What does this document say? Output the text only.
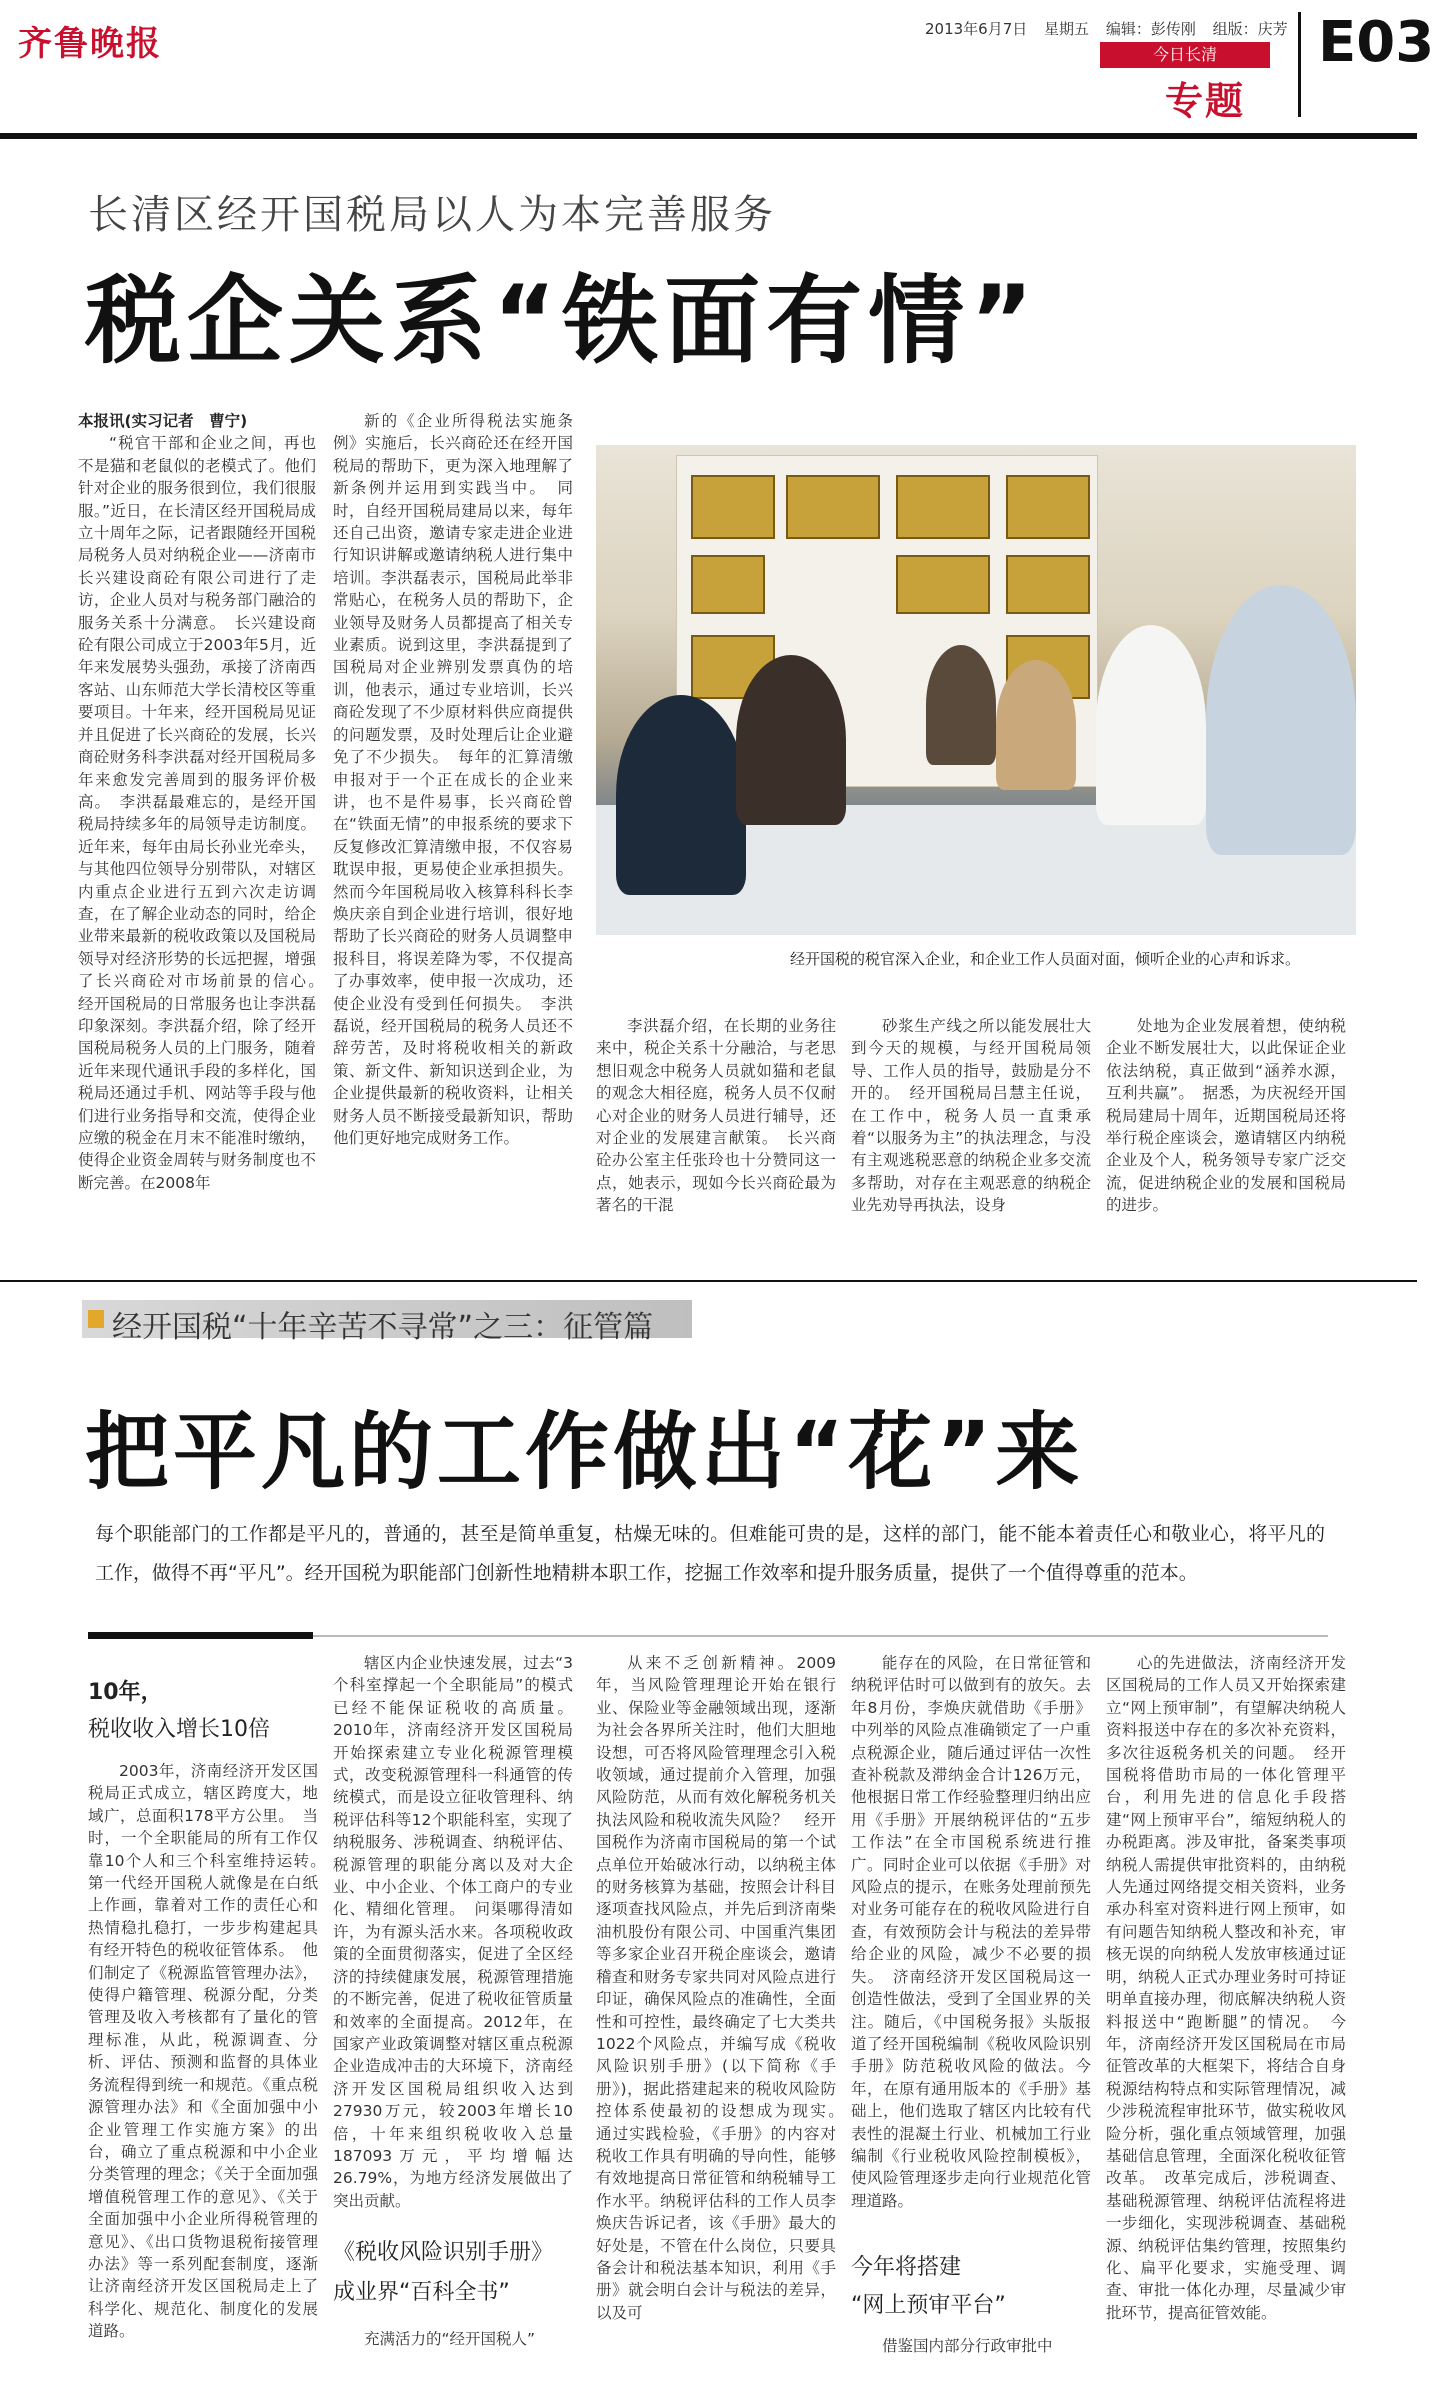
齐鲁晚报	2013年6月7日 星期五 编辑：彭传刚 组版：庆芳
今日长清
专题
E03
长清区经开国税局以人为本完善服务
税企关系“铁面有情”
本报讯(实习记者　曹宁)

“税官干部和企业之间，再也不是猫和老鼠似的老模式了。他们针对企业的服务很到位，我们很服服。”近日，在长清区经开国税局成立十周年之际，记者跟随经开国税局税务人员对纳税企业——济南市长兴建设商砼有限公司进行了走访，企业人员对与税务部门融洽的服务关系十分满意。　长兴建设商砼有限公司成立于2003年5月，近年来发展势头强劲，承接了济南西客站、山东师范大学长清校区等重要项目。十年来，经开国税局见证并且促进了长兴商砼的发展，长兴商砼财务科李洪磊对经开国税局多年来愈发完善周到的服务评价极高。　李洪磊最难忘的，是经开国税局持续多年的局领导走访制度。近年来，每年由局长孙业光牵头，与其他四位领导分别带队，对辖区内重点企业进行五到六次走访调查，在了解企业动态的同时，给企业带来最新的税收政策以及国税局领导对经济形势的长远把握，增强了长兴商砼对市场前景的信心。　经开国税局的日常服务也让李洪磊印象深刻。李洪磊介绍，除了经开国税局税务人员的上门服务，随着近年来现代通讯手段的多样化，国税局还通过手机、网站等手段与他们进行业务指导和交流，使得企业应缴的税金在月末不能准时缴纳，使得企业资金周转与财务制度也不断完善。在2008年

新的《企业所得税法实施条例》实施后，长兴商砼还在经开国税局的帮助下，更为深入地理解了新条例并运用到实践当中。　同时，自经开国税局建局以来，每年还自己出资，邀请专家走进企业进行知识讲解或邀请纳税人进行集中培训。李洪磊表示，国税局此举非常贴心，在税务人员的帮助下，企业领导及财务人员都提高了相关专业素质。说到这里，李洪磊提到了国税局对企业辨别发票真伪的培训，他表示，通过专业培训，长兴商砼发现了不少原材料供应商提供的问题发票，及时处理后让企业避免了不少损失。　每年的汇算清缴申报对于一个正在成长的企业来讲，也不是件易事，长兴商砼曾在“铁面无情”的申报系统的要求下反复修改汇算清缴申报，不仅容易耽误申报，更易使企业承担损失。然而今年国税局收入核算科科长李焕庆亲自到企业进行培训，很好地帮助了长兴商砼的财务人员调整申报科目，将误差降为零，不仅提高了办事效率，使申报一次成功，还使企业没有受到任何损失。　李洪磊说，经开国税局的税务人员还不辞劳苦，及时将税收相关的新政策、新文件、新知识送到企业，为企业提供最新的税收资料，让相关财务人员不断接受最新知识，帮助他们更好地完成财务工作。

经开国税的税官深入企业，和企业工作人员面对面，倾听企业的心声和诉求。

李洪磊介绍，在长期的业务往来中，税企关系十分融洽，与老思想旧观念中税务人员就如猫和老鼠的观念大相径庭，税务人员不仅耐心对企业的财务人员进行辅导，还对企业的发展建言献策。　长兴商砼办公室主任张玲也十分赞同这一点，她表示，现如今长兴商砼最为著名的干混

砂浆生产线之所以能发展壮大到今天的规模，与经开国税局领导、工作人员的指导，鼓励是分不开的。　经开国税局吕慧主任说，在工作中，税务人员一直秉承着“以服务为主”的执法理念，与没有主观逃税恶意的纳税企业多交流多帮助，对存在主观恶意的纳税企业先劝导再执法，设身

处地为企业发展着想，使纳税企业不断发展壮大，以此保证企业依法纳税，真正做到“涵养水源，互利共赢”。　据悉，为庆祝经开国税局建局十周年，近期国税局还将举行税企座谈会，邀请辖区内纳税企业及个人，税务领导专家广泛交流，促进纳税企业的发展和国税局的进步。

经开国税“十年辛苦不寻常”之三：征管篇
把平凡的工作做出“花”来
每个职能部门的工作都是平凡的，普通的，甚至是简单重复，枯燥无味的。但难能可贵的是，这样的部门，能不能本着责任心和敬业心，将平凡的工作，做得不再“平凡”。经开国税为职能部门创新性地精耕本职工作，挖掘工作效率和提升服务质量，提供了一个值得尊重的范本。
10年，
税收收入增长10倍

2003年，济南经济开发区国税局正式成立，辖区跨度大，地域广，总面积178平方公里。　当时，一个全职能局的所有工作仅靠10个人和三个科室维持运转。　第一代经开国税人就像是在白纸上作画，靠着对工作的责任心和热情稳扎稳打，一步步构建起具有经开特色的税收征管体系。　他们制定了《税源监管管理办法》，使得户籍管理、税源分配，分类管理及收入考核都有了量化的管理标准，从此，税源调查、分析、评估、预测和监督的具体业务流程得到统一和规范。《重点税源管理办法》和《全面加强中小企业管理工作实施方案》的出台，确立了重点税源和中小企业分类管理的理念；《关于全面加强增值税管理工作的意见》、《关于全面加强中小企业所得税管理的意见》、《出口货物退税衔接管理办法》等一系列配套制度，逐渐让济南经济开发区国税局走上了科学化、规范化、制度化的发展道路。

辖区内企业快速发展，过去“3个科室撑起一个全职能局”的模式已经不能保证税收的高质量。2010年，济南经济开发区国税局开始探索建立专业化税源管理模式，改变税源管理科一科通管的传统模式，而是设立征收管理科、纳税评估科等12个职能科室，实现了纳税服务、涉税调查、纳税评估、税源管理的职能分离以及对大企业、中小企业、个体工商户的专业化、精细化管理。　问渠哪得清如许，为有源头活水来。各项税收政策的全面贯彻落实，促进了全区经济的持续健康发展，税源管理措施的不断完善，促进了税收征管质量和效率的全面提高。2012年，在国家产业政策调整对辖区重点税源企业造成冲击的大环境下，济南经济开发区国税局组织收入达到27930万元，较2003年增长10倍，十年来组织税收收入总量187093万元，平均增幅达26.79%，为地方经济发展做出了突出贡献。

《税收风险识别手册》
成业界“百科全书”

充满活力的“经开国税人”

从来不乏创新精神。2009年，当风险管理理论开始在银行业、保险业等金融领域出现，逐渐为社会各界所关注时，他们大胆地设想，可否将风险管理理念引入税收领域，通过提前介入管理，加强风险防范，从而有效化解税务机关执法风险和税收流失风险？　经开国税作为济南市国税局的第一个试点单位开始破冰行动，以纳税主体的财务核算为基础，按照会计科目逐项查找风险点，并先后到济南柴油机股份有限公司、中国重汽集团等多家企业召开税企座谈会，邀请稽查和财务专家共同对风险点进行印证，确保风险点的准确性，全面性和可控性，最终确定了七大类共1022个风险点，并编写成《税收风险识别手册》(以下简称《手册》)，据此搭建起来的税收风险防控体系使最初的设想成为现实。　通过实践检验，《手册》的内容对税收工作具有明确的导向性，能够有效地提高日常征管和纳税辅导工作水平。纳税评估科的工作人员李焕庆告诉记者，该《手册》最大的好处是，不管在什么岗位，只要具备会计和税法基本知识，利用《手册》就会明白会计与税法的差异，以及可

能存在的风险，在日常征管和纳税评估时可以做到有的放矢。去年8月份，李焕庆就借助《手册》中列举的风险点准确锁定了一户重点税源企业，随后通过评估一次性查补税款及滞纳金合计126万元，他根据日常工作经验整理归纳出应用《手册》开展纳税评估的“五步工作法”在全市国税系统进行推广。同时企业可以依据《手册》对风险点的提示，在账务处理前预先对业务可能存在的税收风险进行自查，有效预防会计与税法的差异带给企业的风险，减少不必要的损失。　济南经济开发区国税局这一创造性做法，受到了全国业界的关注。随后，《中国税务报》头版报道了经开国税编制《税收风险识别手册》防范税收风险的做法。今年，在原有通用版本的《手册》基础上，他们选取了辖区内比较有代表性的混凝土行业、机械加工行业编制《行业税收风险控制模板》，使风险管理逐步走向行业规范化管理道路。

今年将搭建
“网上预审平台”

借鉴国内部分行政审批中

心的先进做法，济南经济开发区国税局的工作人员又开始探索建立“网上预审制”，有望解决纳税人资料报送中存在的多次补充资料，多次往返税务机关的问题。　经开国税将借助市局的一体化管理平台，利用先进的信息化手段搭建“网上预审平台”，缩短纳税人的办税距离。涉及审批，备案类事项纳税人需提供审批资料的，由纳税人先通过网络提交相关资料，业务承办科室对资料进行网上预审，如有问题告知纳税人整改和补充，审核无误的向纳税人发放审核通过证明，纳税人正式办理业务时可持证明单直接办理，彻底解决纳税人资料报送中“跑断腿”的情况。　今年，济南经济开发区国税局在市局征管改革的大框架下，将结合自身税源结构特点和实际管理情况，减少涉税流程审批环节，做实税收风险分析，强化重点领域管理，加强基础信息管理，全面深化税收征管改革。　改革完成后，涉税调查、基础税源管理、纳税评估流程将进一步细化，实现涉税调查、基础税源、纳税评估集约管理，按照集约化、扁平化要求，实施受理、调查、审批一体化办理，尽量减少审批环节，提高征管效能。
